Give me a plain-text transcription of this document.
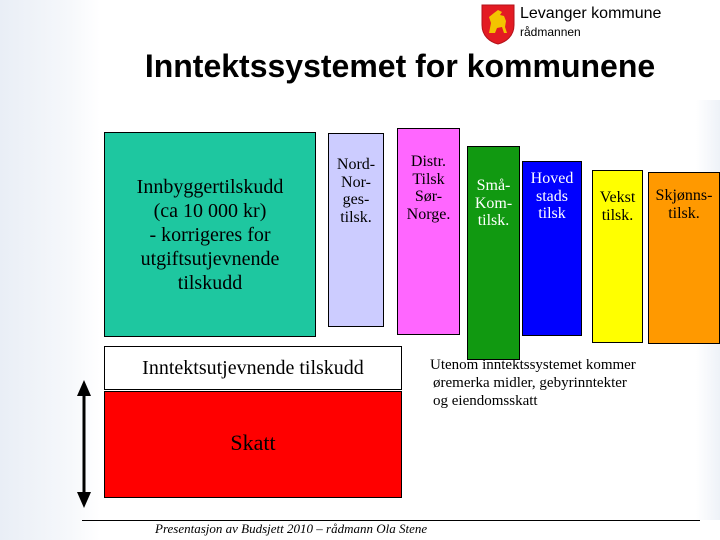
Levanger kommune
rådmannen
Inntektssystemet for kommunene
Innbyggertilskudd
(ca 10 000 kr)
- korrigeres for
utgiftsutjevnende
tilskudd
Nord-
Nor-
ges-
tilsk.
Distr.
Tilsk
Sør-
Norge.
Små-
Kom-
tilsk.
Hoved
stads
tilsk
Vekst
tilsk.
Skjønns-
tilsk.
Inntektsutjevnende tilskudd
Skatt
Utenom inntektssystemet kommer
øremerka midler, gebyrinntekter
og eiendomsskatt
Presentasjon av Budsjett 2010 – rådmann Ola Stene
